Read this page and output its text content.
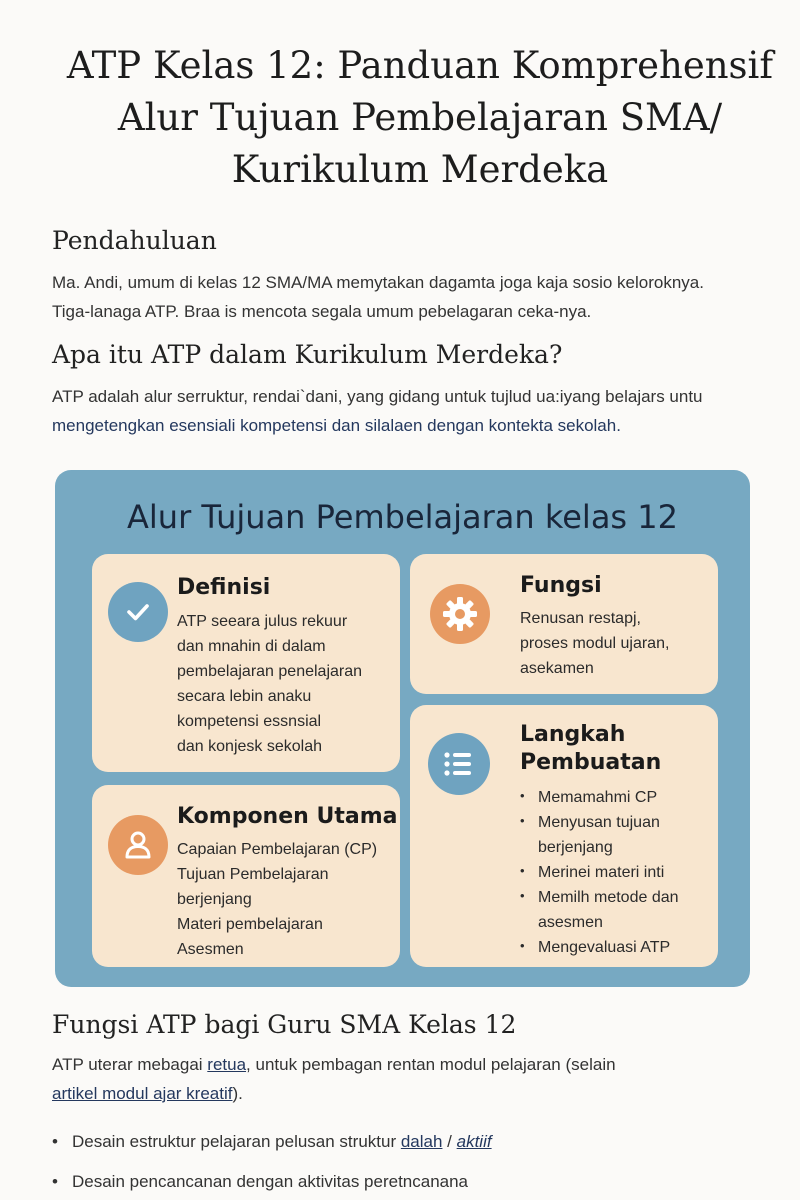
ATP Kelas 12: Panduan Komprehensif Alur Tujuan Pembelajaran SMA/ Kurikulum Merdeka
Pendahuluan

Ma. Andi, umum di kelas 12 SMA/MA memytakan dagamta joga kaja sosio keloroknya.
Tiga-lanaga ATP. Braa is mencota segala umum pebelagaran ceka-nya.

Apa itu ATP dalam Kurikulum Merdeka?

ATP adalah alur serruktur, rendai`dani, yang gidang untuk tujlud ua:iyang belajars untu
mengetengkan esensiali kompetensi dan silalaen dengan kontekta sekolah.

Alur Tujuan Pembelajaran kelas 12
Definisi
ATP seeara julus rekuur
dan mnahin di dalam
pembelajaran penelajaran
secara lebin anaku
kompetensi essnsial
dan konjesk sekolah
Fungsi
Renusan restapj,
proses modul ujaran,
asekamen
Komponen Utama
Capaian Pembelajaran (CP)
Tujuan Pembelajaran
berjenjang
Materi pembelajaran
Asesmen
Langkah
Pembuatan
• Memamahmi CP
• Menyusan tujuan berjenjang
• Merinei materi inti
• Memilh metode dan asesmen
• Mengevaluasi ATP
Fungsi ATP bagi Guru SMA Kelas 12

ATP uterar mebagai retua, untuk pembagan rentan modul pelajaran (selain
artikel modul ajar kreatif).

• Desain estruktur pelajaran pelusan struktur dalah / aktiif
• Desain pencancanan dengan aktivitas peretncanana
